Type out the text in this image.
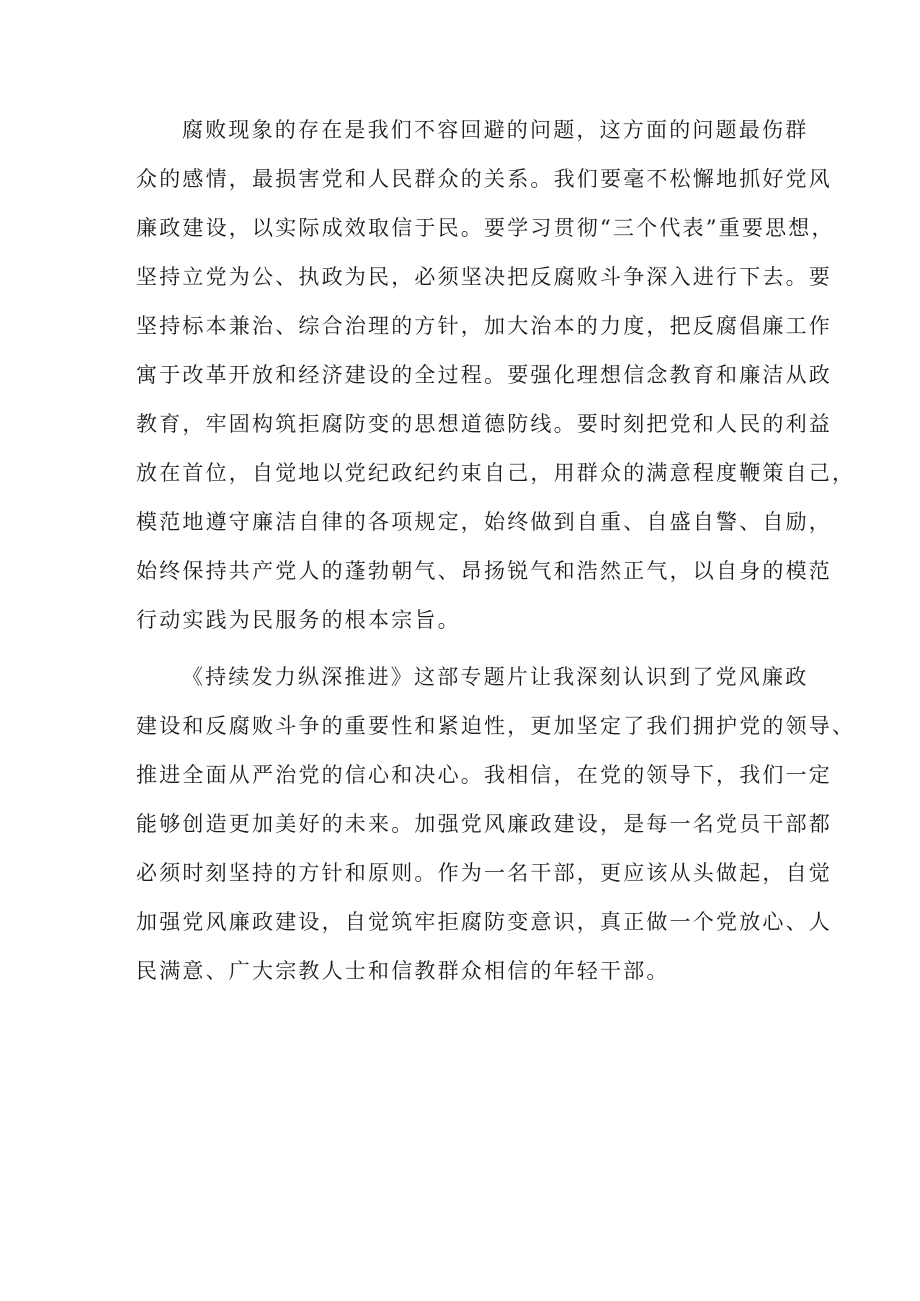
腐败现象的存在是我们不容回避的问题，这方面的问题最伤群
众的感情，最损害党和人民群众的关系。我们要毫不松懈地抓好党风
廉政建设，以实际成效取信于民。要学习贯彻“三个代表”重要思想，
坚持立党为公、执政为民，必须坚决把反腐败斗争深入进行下去。要
坚持标本兼治、综合治理的方针，加大治本的力度，把反腐倡廉工作
寓于改革开放和经济建设的全过程。要强化理想信念教育和廉洁从政
教育，牢固构筑拒腐防变的思想道德防线。要时刻把党和人民的利益
放在首位，自觉地以党纪政纪约束自己，用群众的满意程度鞭策自己，
模范地遵守廉洁自律的各项规定，始终做到自重、自盛自警、自励，
始终保持共产党人的蓬勃朝气、昂扬锐气和浩然正气，以自身的模范
行动实践为民服务的根本宗旨。

《持续发力纵深推进》这部专题片让我深刻认识到了党风廉政
建设和反腐败斗争的重要性和紧迫性，更加坚定了我们拥护党的领导、
推进全面从严治党的信心和决心。我相信，在党的领导下，我们一定
能够创造更加美好的未来。加强党风廉政建设，是每一名党员干部都
必须时刻坚持的方针和原则。作为一名干部，更应该从头做起，自觉
加强党风廉政建设，自觉筑牢拒腐防变意识，真正做一个党放心、人
民满意、广大宗教人士和信教群众相信的年轻干部。
